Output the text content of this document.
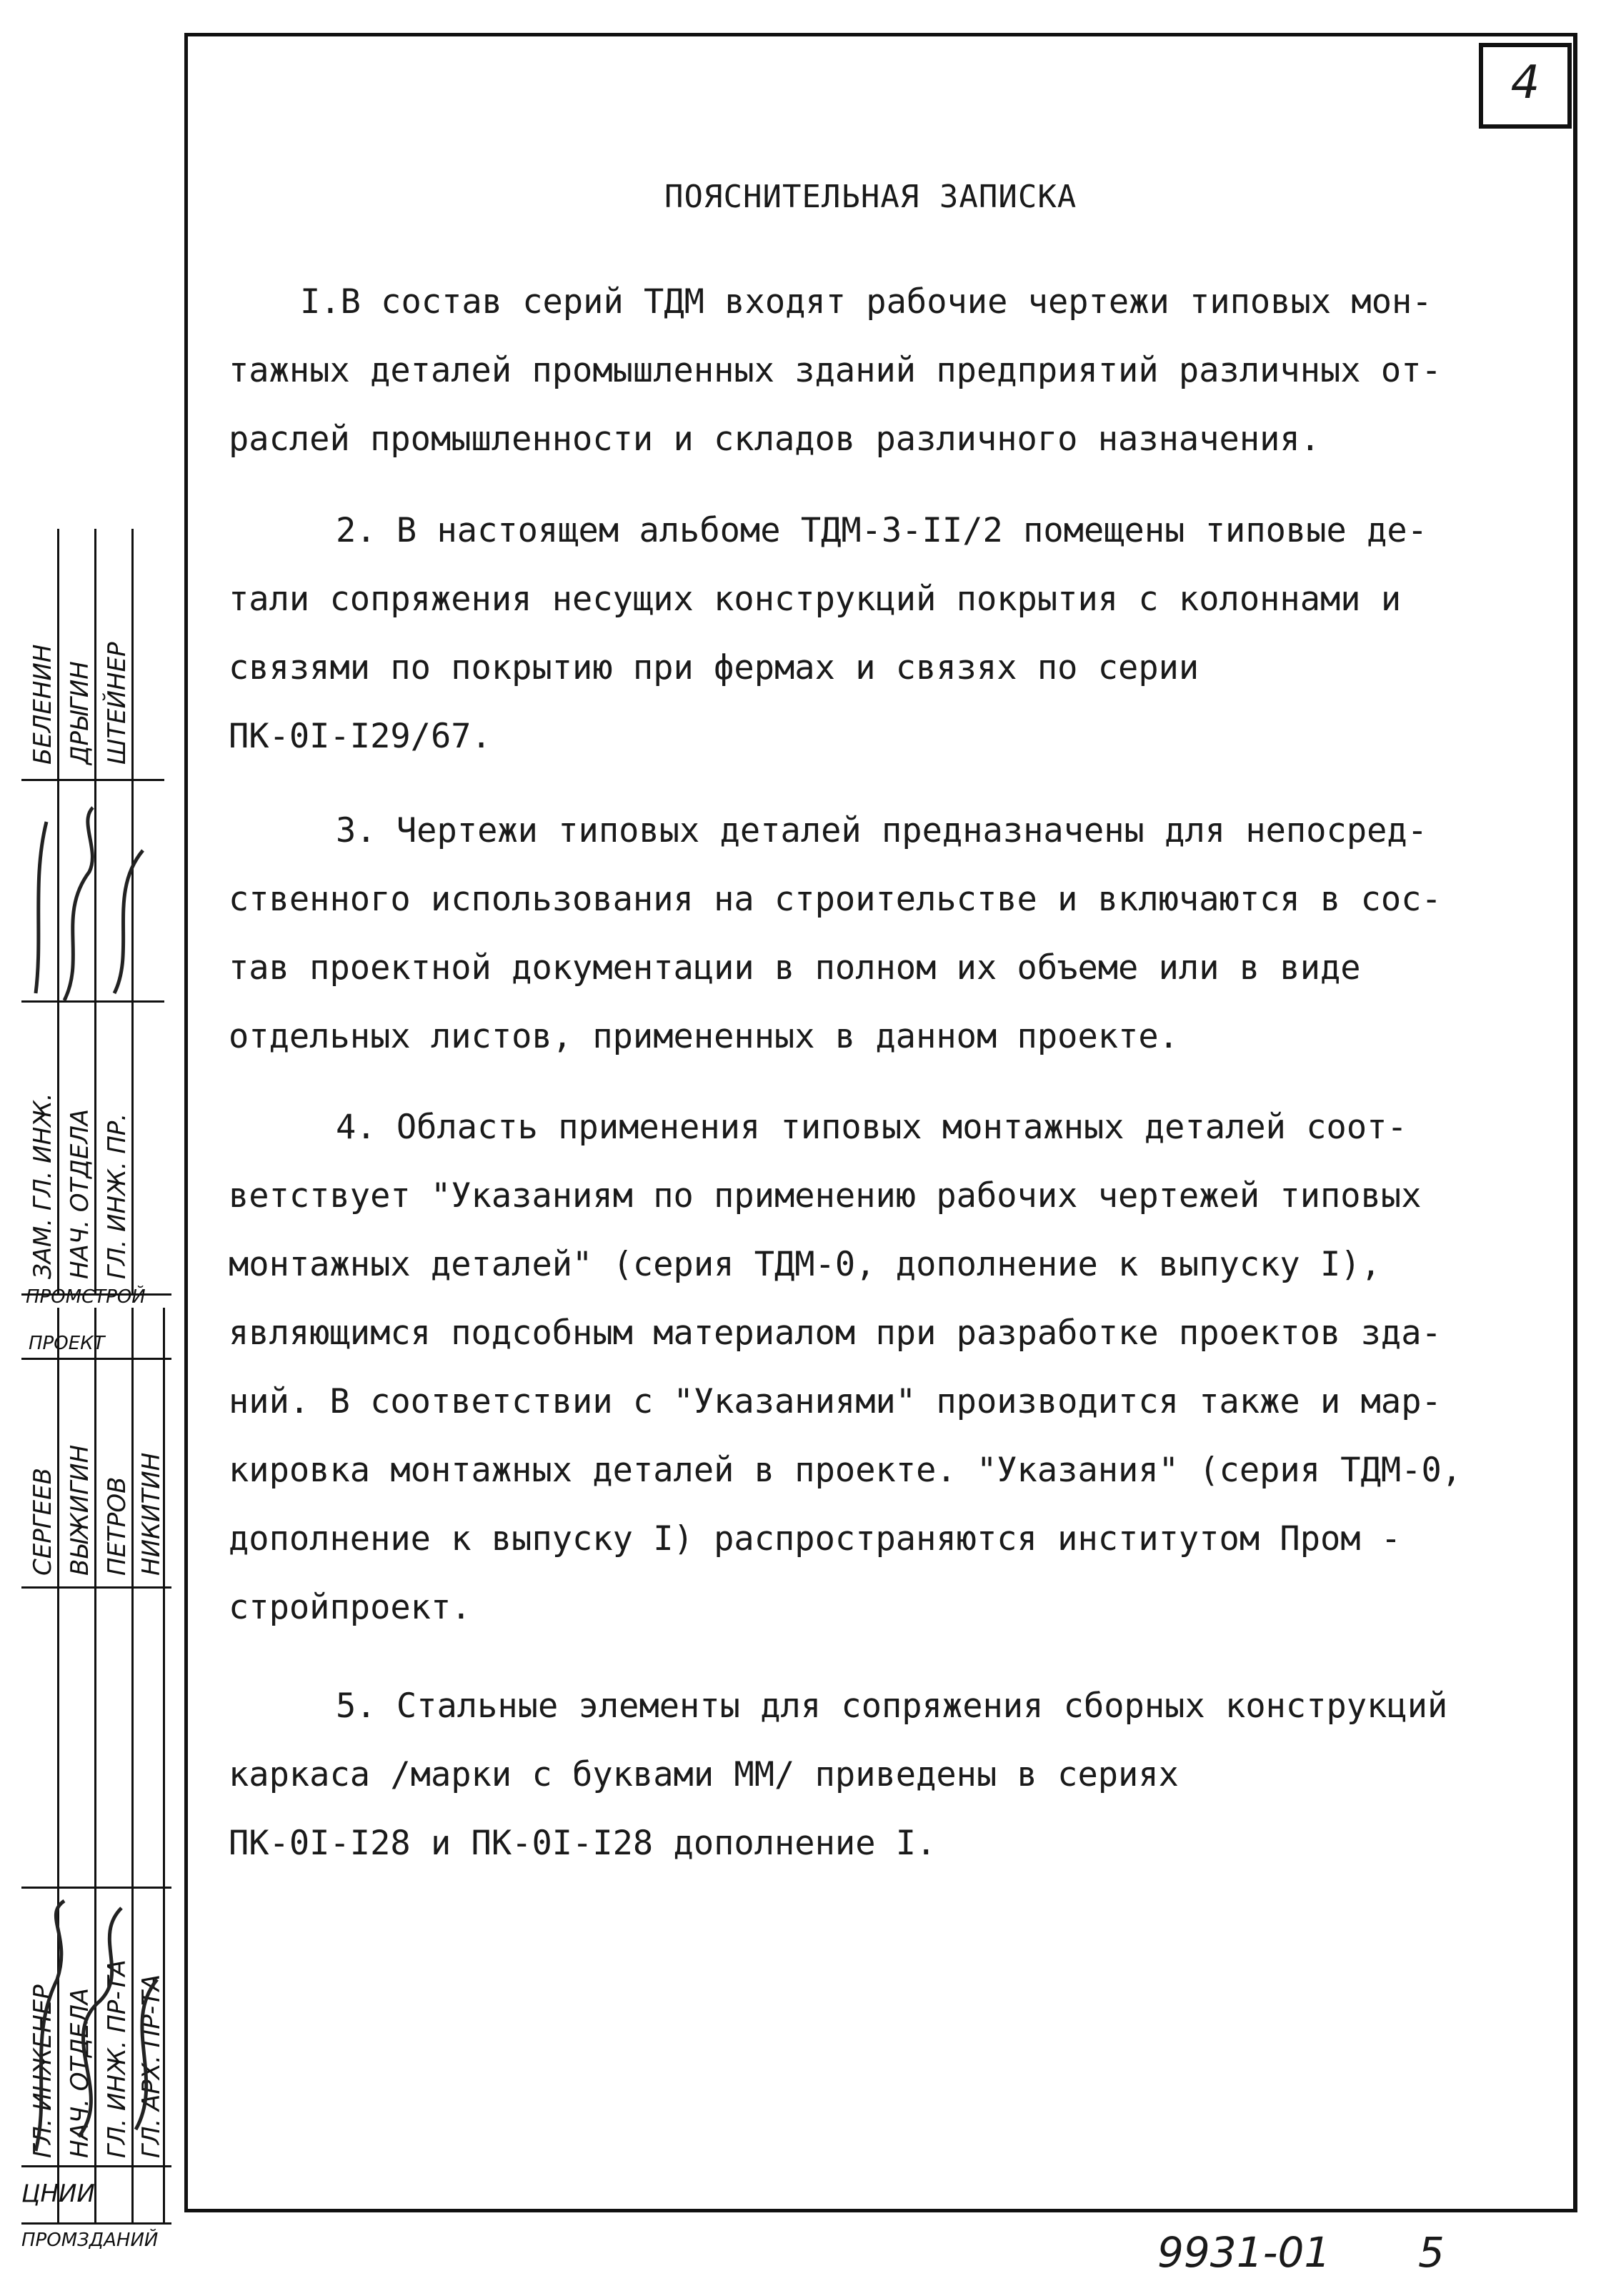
4
ПОЯСНИТЕЛЬНАЯ ЗАПИСКА

I.В состав серий ТДМ входят рабочие чертежи типовых мон-

тажных деталей промышленных зданий предприятий различных от-

раслей промышленности и складов различного назначения.

2. В настоящем альбоме ТДМ-3-II/2 помещены типовые де-

тали сопряжения несущих конструкций покрытия с колоннами и

связями по покрытию при фермах и связях по серии

ПК-0I-I29/67.

3. Чертежи типовых деталей предназначены для непосред-

ственного использования на строительстве и включаются в сос-

тав проектной документации в полном их объеме или в виде

отдельных листов, примененных в данном проекте.

4. Область применения типовых монтажных деталей соот-

ветствует "Указаниям по применению рабочих чертежей типовых

монтажных деталей" (серия ТДМ-0, дополнение к выпуску I),

являющимся подсобным материалом при разработке проектов зда-

ний. В соответствии с "Указаниями" производится также и мар-

кировка монтажных деталей в проекте. "Указания" (серия ТДМ-0,

дополнение к выпуску I) распространяются институтом Пром -

стройпроект.

5. Стальные элементы для сопряжения сборных конструкций

каркаса /марки с буквами ММ/ приведены в сериях

ПК-0I-I28 и ПК-0I-I28 дополнение I.

БЕЛЕНИН ДРЫГИН ШТЕЙНЕР
ЗАМ. ГЛ. ИНЖ. НАЧ. ОТДЕЛА ГЛ. ИНЖ. ПР.
ПРОМСТРОЙ
ПРОЕКТ
СЕРГЕЕВ ВЫЖИГИН ПЕТРОВ НИКИТИН
ГЛ. ИНЖЕНЕР НАЧ. ОТДЕЛА ГЛ. ИНЖ. ПР-ТА ГЛ. АРХ. ПР-ТА
ЦНИИ
ПРОМЗДАНИЙ	9931-01 5
